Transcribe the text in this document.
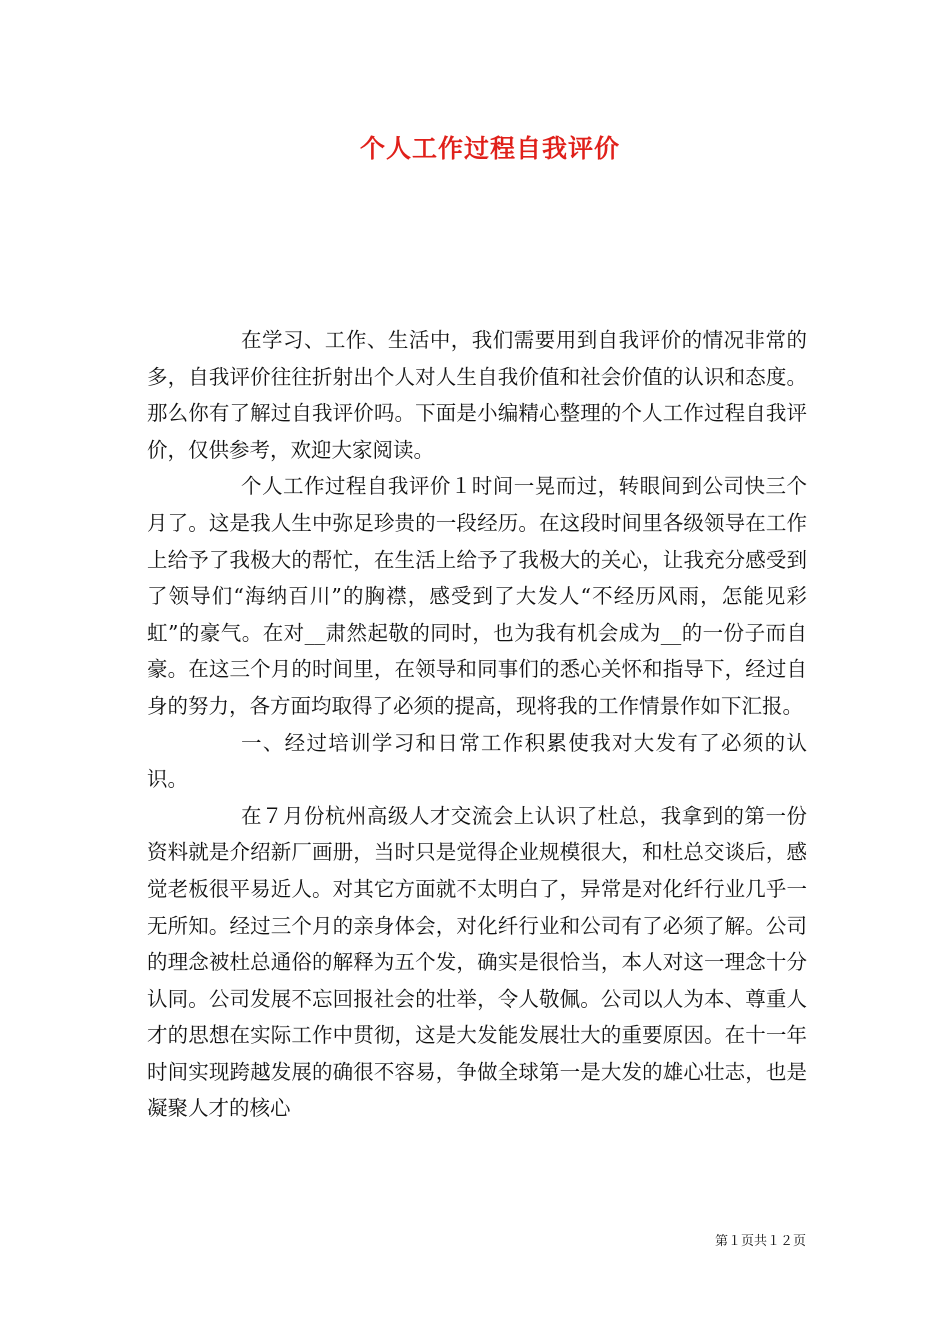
个人工作过程自我评价

在学习、工作、生活中，我们需要用到自我评价的情况非常的多，自我评价往往折射出个人对人生自我价值和社会价值的认识和态度。那么你有了解过自我评价吗。下面是小编精心整理的个人工作过程自我评价，仅供参考，欢迎大家阅读。

个人工作过程自我评价１时间一晃而过，转眼间到公司快三个月了。这是我人生中弥足珍贵的一段经历。在这段时间里各级领导在工作上给予了我极大的帮忙，在生活上给予了我极大的关心，让我充分感受到了领导们“海纳百川”的胸襟，感受到了大发人“不经历风雨，怎能见彩虹”的豪气。在对__肃然起敬的同时，也为我有机会成为__的一份子而自豪。在这三个月的时间里，在领导和同事们的悉心关怀和指导下，经过自身的努力，各方面均取得了必须的提高，现将我的工作情景作如下汇报。

一、经过培训学习和日常工作积累使我对大发有了必须的认识。

在７月份杭州高级人才交流会上认识了杜总，我拿到的第一份资料就是介绍新厂画册，当时只是觉得企业规模很大，和杜总交谈后，感觉老板很平易近人。对其它方面就不太明白了，异常是对化纤行业几乎一无所知。经过三个月的亲身体会，对化纤行业和公司有了必须了解。公司的理念被杜总通俗的解释为五个发，确实是很恰当，本人对这一理念十分认同。公司发展不忘回报社会的壮举，令人敬佩。公司以人为本、尊重人才的思想在实际工作中贯彻，这是大发能发展壮大的重要原因。在十一年时间实现跨越发展的确很不容易，争做全球第一是大发的雄心壮志，也是凝聚人才的核心

第１页共１２页
